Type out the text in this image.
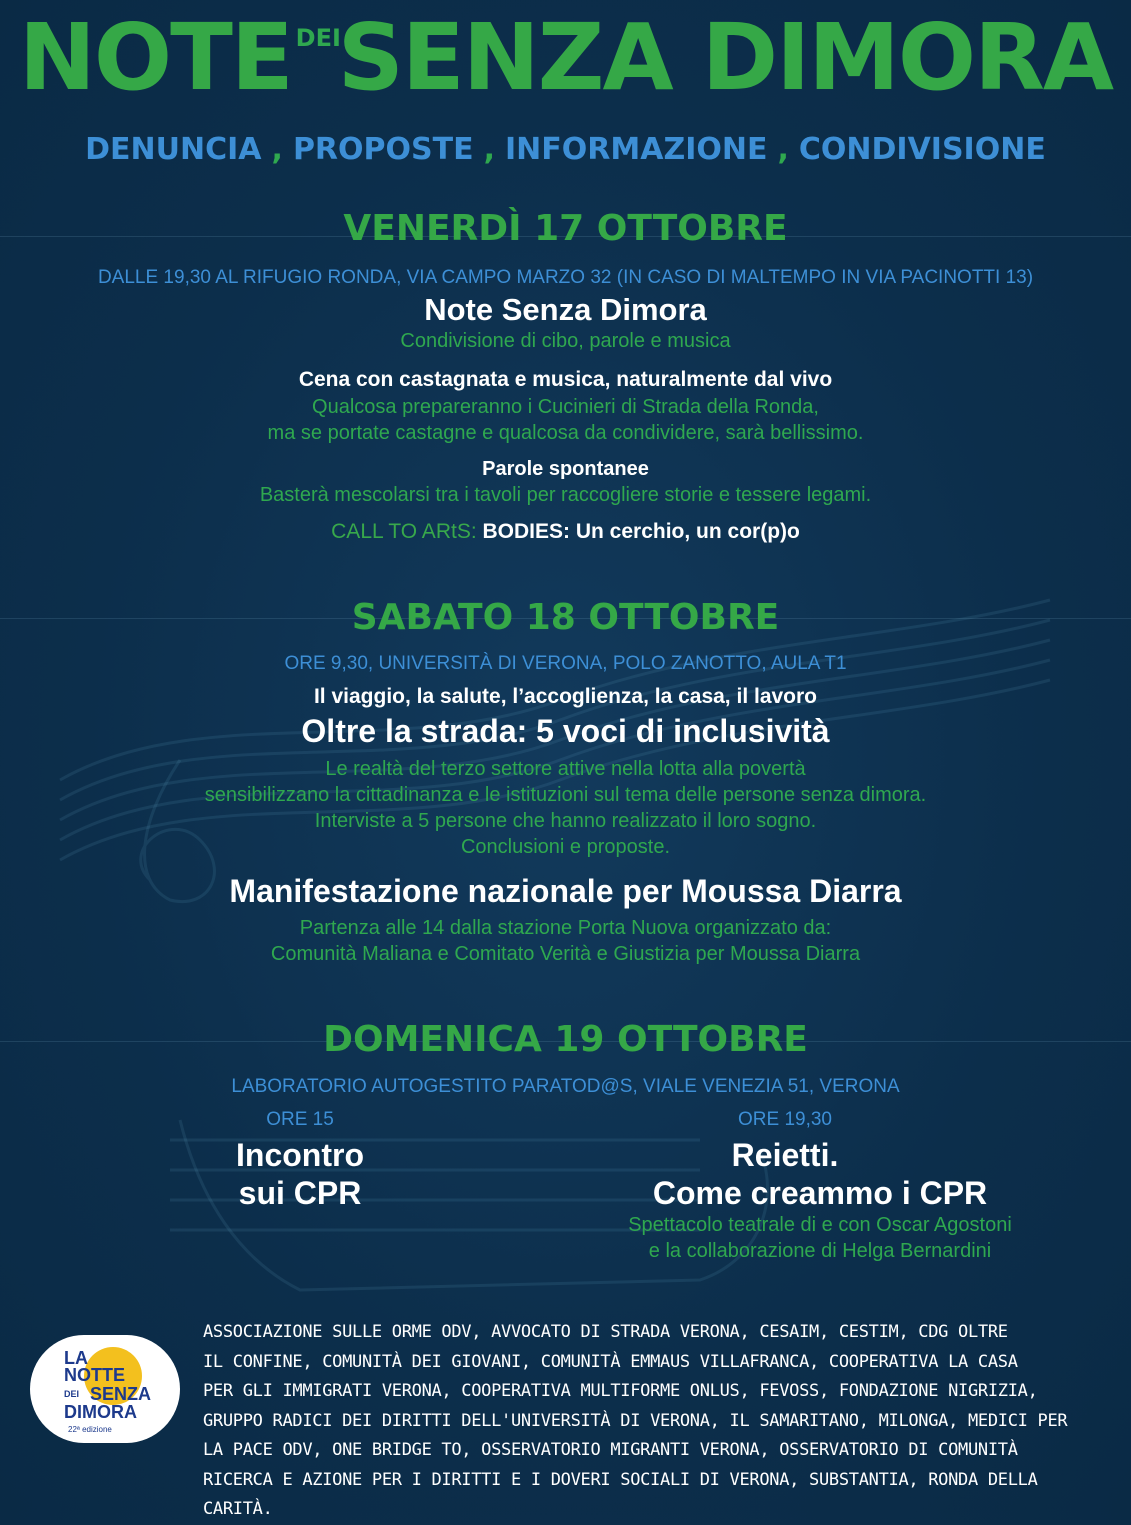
NOTE DEI
SENZA DIMORA
DENUNCIA , PROPOSTE , INFORMAZIONE , CONDIVISIONE
VENERDÌ 17 OTTOBRE
DALLE 19,30 AL RIFUGIO RONDA, VIA CAMPO MARZO 32 (IN CASO DI MALTEMPO IN VIA PACINOTTI 13)
Note Senza Dimora
Condivisione di cibo, parole e musica
Cena con castagnata e musica, naturalmente dal vivo
Qualcosa prepareranno i Cucinieri di Strada della Ronda,
ma se portate castagne e qualcosa da condividere, sarà bellissimo.
Parole spontanee
Basterà mescolarsi tra i tavoli per raccogliere storie e tessere legami.
CALL TO ARtS: BODIES: Un cerchio, un cor(p)o
SABATO 18 OTTOBRE
ORE 9,30, UNIVERSITÀ DI VERONA, POLO ZANOTTO, AULA T1
Il viaggio, la salute, l’accoglienza, la casa, il lavoro
Oltre la strada: 5 voci di inclusività
Le realtà del terzo settore attive nella lotta alla povertà
sensibilizzano la cittadinanza e le istituzioni sul tema delle persone senza dimora.
Interviste a 5 persone che hanno realizzato il loro sogno.
Conclusioni e proposte.
Manifestazione nazionale per Moussa Diarra
Partenza alle 14 dalla stazione Porta Nuova organizzato da:
Comunità Maliana e Comitato Verità e Giustizia per Moussa Diarra
DOMENICA 19 OTTOBRE
LABORATORIO AUTOGESTITO PARATOD@S, VIALE VENEZIA 51, VERONA
ORE 15
Incontro
sui CPR
ORE 19,30
Reietti.
Come creammo i CPR
Spettacolo teatrale di e con Oscar Agostoni
e la collaborazione di Helga Bernardini
LA
NOTTE
SENZA
DEI
DIMORA
22ª edizione
ASSOCIAZIONE SULLE ORME ODV, AVVOCATO DI STRADA VERONA, CESAIM, CESTIM, CDG OLTRE
IL CONFINE, COMUNITÀ DEI GIOVANI, COMUNITÀ EMMAUS VILLAFRANCA, COOPERATIVA LA CASA
PER GLI IMMIGRATI VERONA, COOPERATIVA MULTIFORME ONLUS, FEVOSS, FONDAZIONE NIGRIZIA,
GRUPPO RADICI DEI DIRITTI DELL'UNIVERSITÀ DI VERONA, IL SAMARITANO, MILONGA, MEDICI PER
LA PACE ODV, ONE BRIDGE TO, OSSERVATORIO MIGRANTI VERONA, OSSERVATORIO DI COMUNITÀ
RICERCA E AZIONE PER I DIRITTI E I DOVERI SOCIALI DI VERONA, SUBSTANTIA, RONDA DELLA CARITÀ.
